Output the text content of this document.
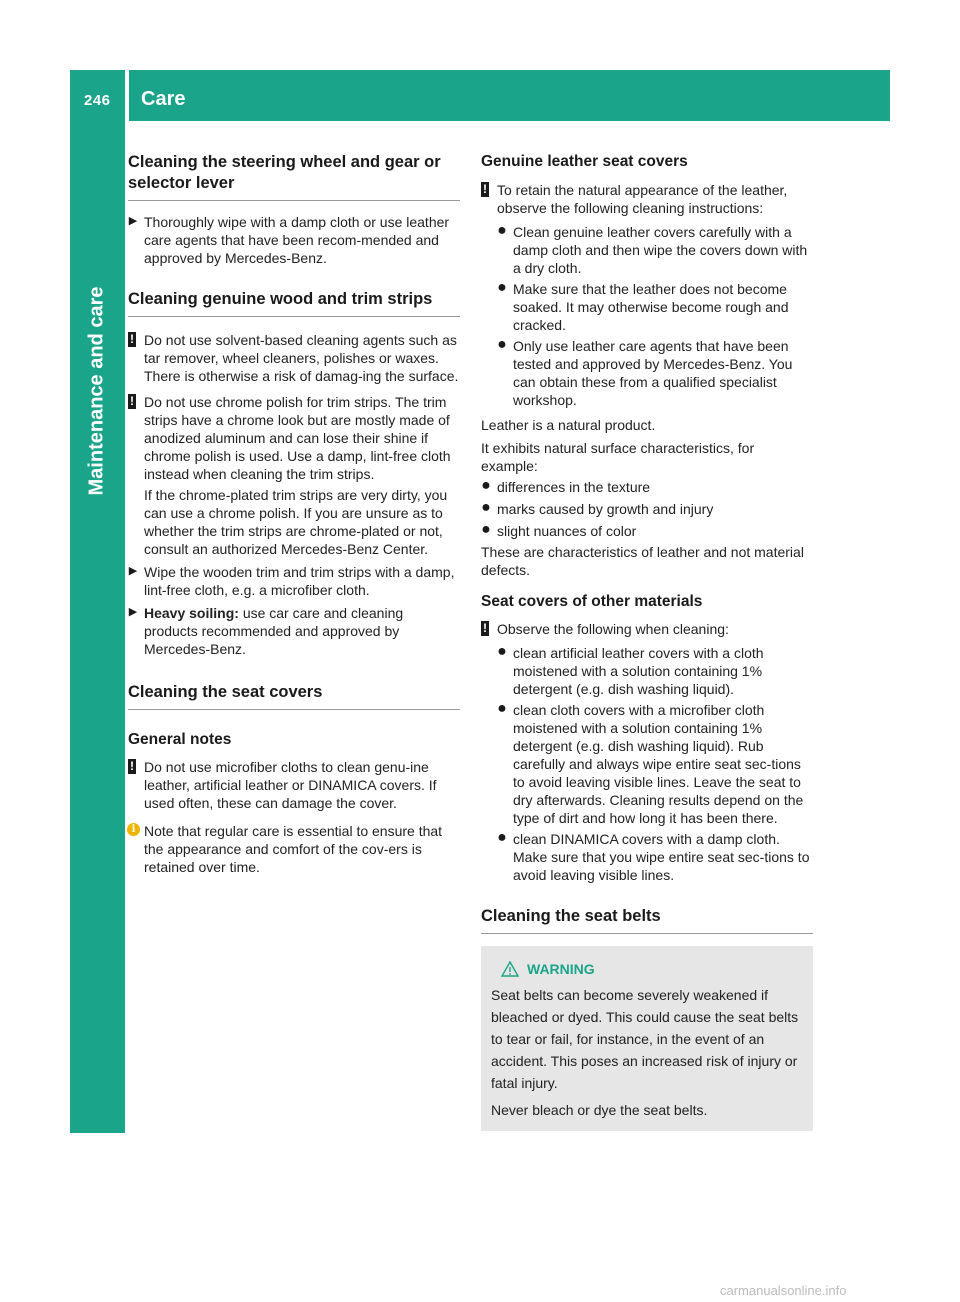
246 Care
Maintenance and care
Cleaning the steering wheel and gear or selector lever
▶ Thoroughly wipe with a damp cloth or use leather care agents that have been recom-mended and approved by Mercedes-Benz.

Cleaning genuine wood and trim strips
! Do not use solvent-based cleaning agents such as tar remover, wheel cleaners, polishes or waxes. There is otherwise a risk of damag-ing the surface.

! Do not use chrome polish for trim strips. The trim strips have a chrome look but are mostly made of anodized aluminum and can lose their shine if chrome polish is used. Use a damp, lint-free cloth instead when cleaning the trim strips.

If the chrome-plated trim strips are very dirty, you can use a chrome polish. If you are unsure as to whether the trim strips are chrome-plated or not, consult an authorized Mercedes-Benz Center.

▶ Wipe the wooden trim and trim strips with a damp, lint-free cloth, e.g. a microfiber cloth.

▶ Heavy soiling: use car care and cleaning products recommended and approved by Mercedes-Benz.

Cleaning the seat covers
General notes
! Do not use microfiber cloths to clean genu-ine leather, artificial leather or DINAMICA covers. If used often, these can damage the cover.

i Note that regular care is essential to ensure that the appearance and comfort of the cov-ers is retained over time.

Genuine leather seat covers
! To retain the natural appearance of the leather, observe the following cleaning instructions:

● Clean genuine leather covers carefully with a damp cloth and then wipe the covers down with a dry cloth.

● Make sure that the leather does not become soaked. It may otherwise become rough and cracked.

● Only use leather care agents that have been tested and approved by Mercedes-Benz. You can obtain these from a qualified specialist workshop.

Leather is a natural product.

It exhibits natural surface characteristics, for example:

● differences in the texture

● marks caused by growth and injury

● slight nuances of color

These are characteristics of leather and not material defects.

Seat covers of other materials
! Observe the following when cleaning:

● clean artificial leather covers with a cloth moistened with a solution containing 1% detergent (e.g. dish washing liquid).

● clean cloth covers with a microfiber cloth moistened with a solution containing 1% detergent (e.g. dish washing liquid). Rub carefully and always wipe entire seat sec-tions to avoid leaving visible lines. Leave the seat to dry afterwards. Cleaning results depend on the type of dirt and how long it has been there.

● clean DINAMICA covers with a damp cloth. Make sure that you wipe entire seat sec-tions to avoid leaving visible lines.

Cleaning the seat belts
WARNING

Seat belts can become severely weakened if bleached or dyed. This could cause the seat belts to tear or fail, for instance, in the event of an accident. This poses an increased risk of injury or fatal injury.

Never bleach or dye the seat belts.

carmanualsonline.info
